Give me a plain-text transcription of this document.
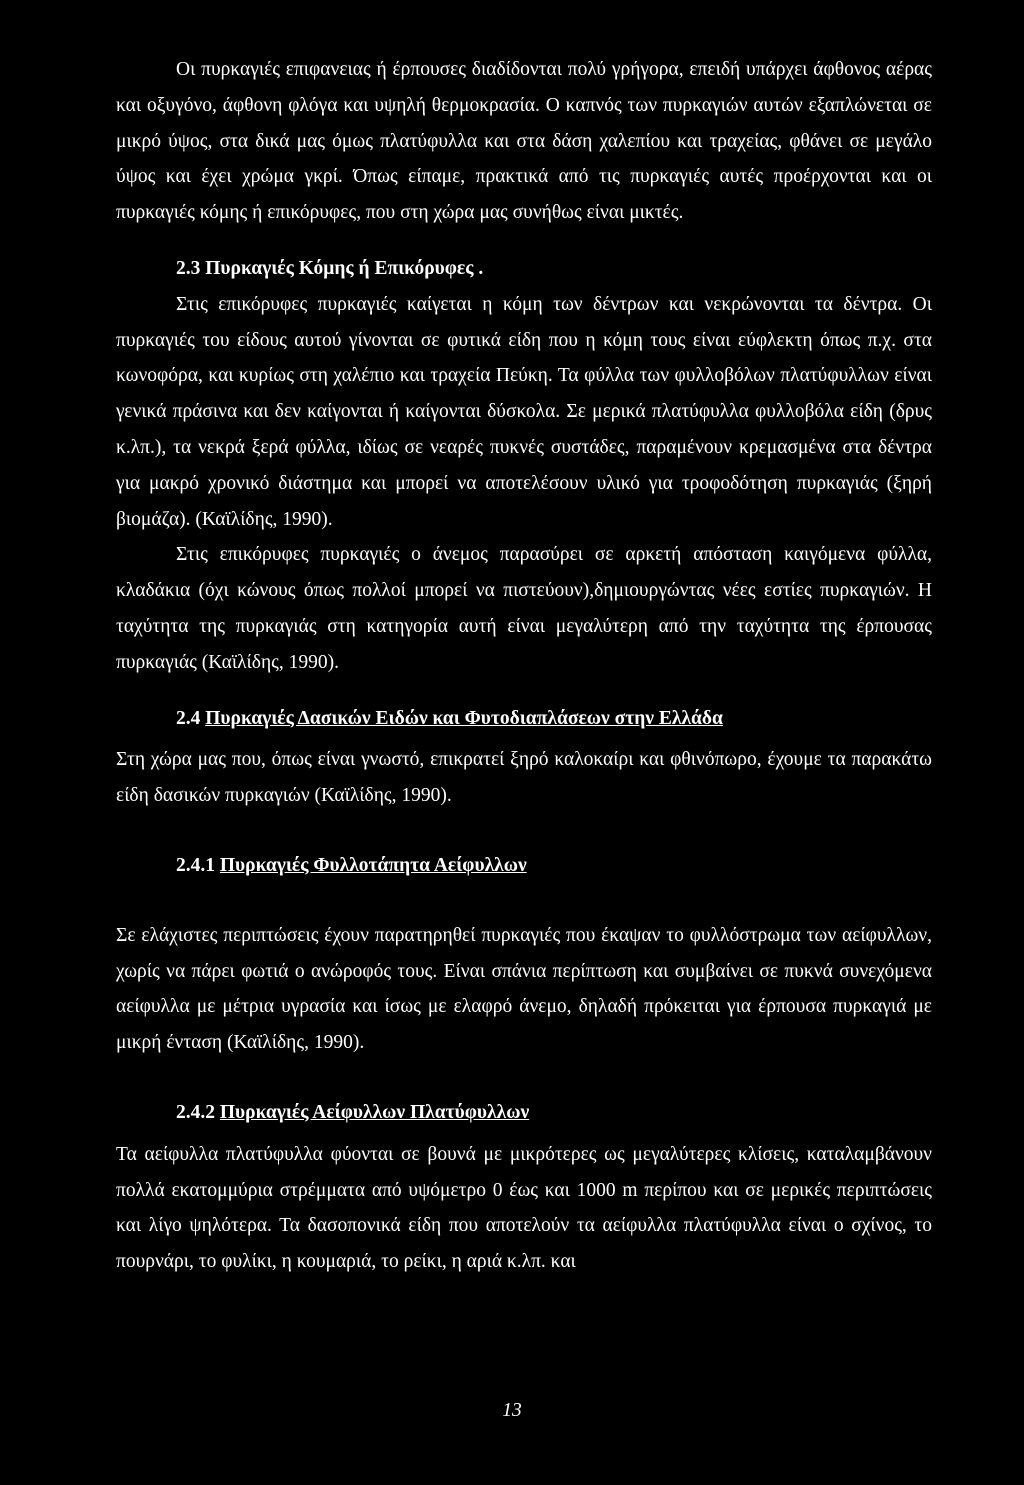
Οι πυρκαγιές επιφανειας ή έρπουσες διαδίδονται πολύ γρήγορα, επειδή υπάρχει άφθονος αέρας και οξυγόνο, άφθονη φλόγα και υψηλή θερμοκρασία. Ο καπνός των πυρκαγιών αυτών εξαπλώνεται σε μικρό ύψος, στα δικά μας όμως πλατύφυλλα και στα δάση χαλεπίου και τραχείας, φθάνει σε μεγάλο ύψος και έχει χρώμα γκρί. Όπως είπαμε, πρακτικά από τις πυρκαγιές αυτές προέρχονται και οι πυρκαγιές κόμης ή επικόρυφες, που στη χώρα μας συνήθως είναι μικτές.

2.3 Πυρκαγιές Κόμης ή Επικόρυφες .

Στις επικόρυφες πυρκαγιές καίγεται η κόμη των δέντρων και νεκρώνονται τα δέντρα. Οι πυρκαγιές του είδους αυτού γίνονται σε φυτικά είδη που η κόμη τους είναι εύφλεκτη όπως π.χ. στα κωνοφόρα, και κυρίως στη χαλέπιο και τραχεία Πεύκη. Τα φύλλα των φυλλοβόλων πλατύφυλλων είναι γενικά πράσινα και δεν καίγονται ή καίγονται δύσκολα. Σε μερικά πλατύφυλλα φυλλοβόλα είδη (δρυς κ.λπ.), τα νεκρά ξερά φύλλα, ιδίως σε νεαρές πυκνές συστάδες, παραμένουν κρεμασμένα στα δέντρα για μακρό χρονικό διάστημα και μπορεί να αποτελέσουν υλικό για τροφοδότηση πυρκαγιάς (ξηρή βιομάζα). (Καϊλίδης, 1990).

Στις επικόρυφες πυρκαγιές ο άνεμος παρασύρει σε αρκετή απόσταση καιγόμενα φύλλα, κλαδάκια (όχι κώνους όπως πολλοί μπορεί να πιστεύουν),δημιουργώντας νέες εστίες πυρκαγιών. Η ταχύτητα της πυρκαγιάς στη κατηγορία αυτή είναι μεγαλύτερη από την ταχύτητα της έρπουσας πυρκαγιάς (Καϊλίδης, 1990).

2.4 Πυρκαγιές Δασικών Ειδών και Φυτοδιαπλάσεων στην Ελλάδα

Στη χώρα μας που, όπως είναι γνωστό, επικρατεί ξηρό καλοκαίρι και φθινόπωρο, έχουμε τα παρακάτω είδη δασικών πυρκαγιών (Καϊλίδης, 1990).

2.4.1 Πυρκαγιές Φυλλοτάπητα Αείφυλλων

Σε ελάχιστες περιπτώσεις έχουν παρατηρηθεί πυρκαγιές που έκαψαν το φυλλόστρωμα των αείφυλλων, χωρίς να πάρει φωτιά ο ανώροφός τους. Είναι σπάνια περίπτωση και συμβαίνει σε πυκνά συνεχόμενα αείφυλλα με μέτρια υγρασία και ίσως με ελαφρό άνεμο, δηλαδή πρόκειται για έρπουσα πυρκαγιά με μικρή ένταση (Καϊλίδης, 1990).

2.4.2 Πυρκαγιές Αείφυλλων Πλατύφυλλων

Τα αείφυλλα πλατύφυλλα φύονται σε βουνά με μικρότερες ως μεγαλύτερες κλίσεις, καταλαμβάνουν πολλά εκατομμύρια στρέμματα από υψόμετρο 0 έως και 1000 m περίπου και σε μερικές περιπτώσεις και λίγο ψηλότερα. Τα δασοπονικά είδη που αποτελούν τα αείφυλλα πλατύφυλλα είναι ο σχίνος, το πουρνάρι, το φυλίκι, η κουμαριά, το ρείκι, η αριά κ.λπ. και

13
